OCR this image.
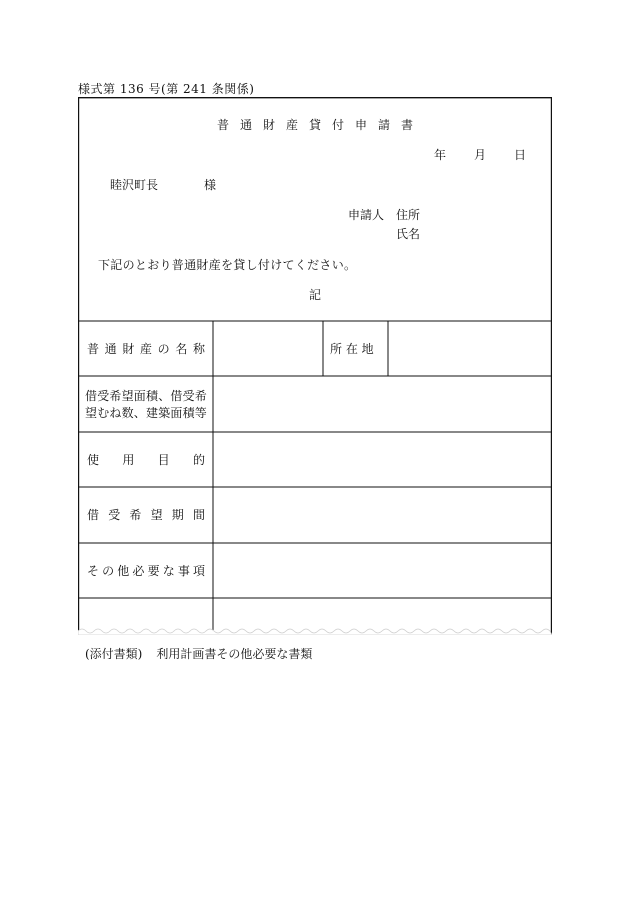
様式第 136 号(第 241 条関係)
普通財産貸付申請書
年 月 日
睦沢町長	様
申請人 住所
氏名
下記のとおり普通財産を貸し付けてください。
記
普通財産の名称	所 在 地
借受希望面積、借受希望むね数、建築面積等
使用目的
借受希望期間
その他必要な事項
(添付書類) 利用計画書その他必要な書類
